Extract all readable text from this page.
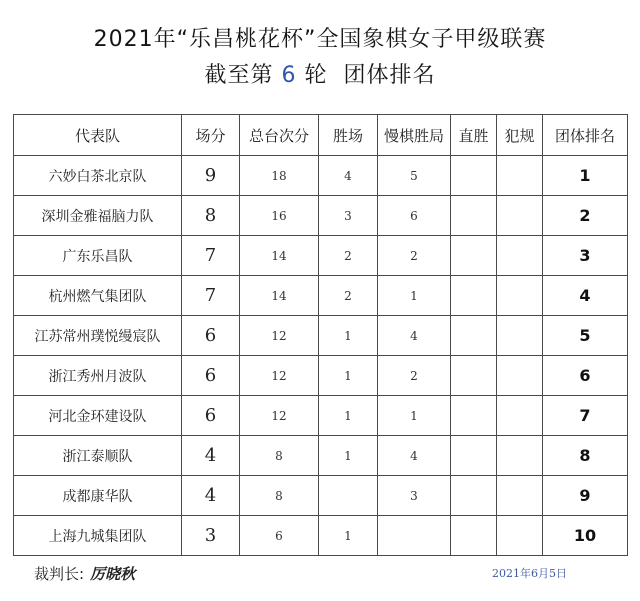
2021年“乐昌桃花杯”全国象棋女子甲级联赛
截至第 6 轮  团体排名
代表队	场分	总台次分	胜场	慢棋胜局	直胜	犯规	团体排名
六妙白茶北京队	9	18	4	5			1
深圳金雅福脑力队	8	16	3	6			2
广东乐昌队	7	14	2	2			3
杭州燃气集团队	7	14	2	1			4
江苏常州璞悦缦宸队	6	12	1	4			5
浙江秀州月波队	6	12	1	2			6
河北金环建设队	6	12	1	1			7
浙江泰顺队	4	8	1	4			8
成都康华队	4	8		3			9
上海九城集团队	3	6	1				10
裁判长: 厉晓秋	2021年6月5日
